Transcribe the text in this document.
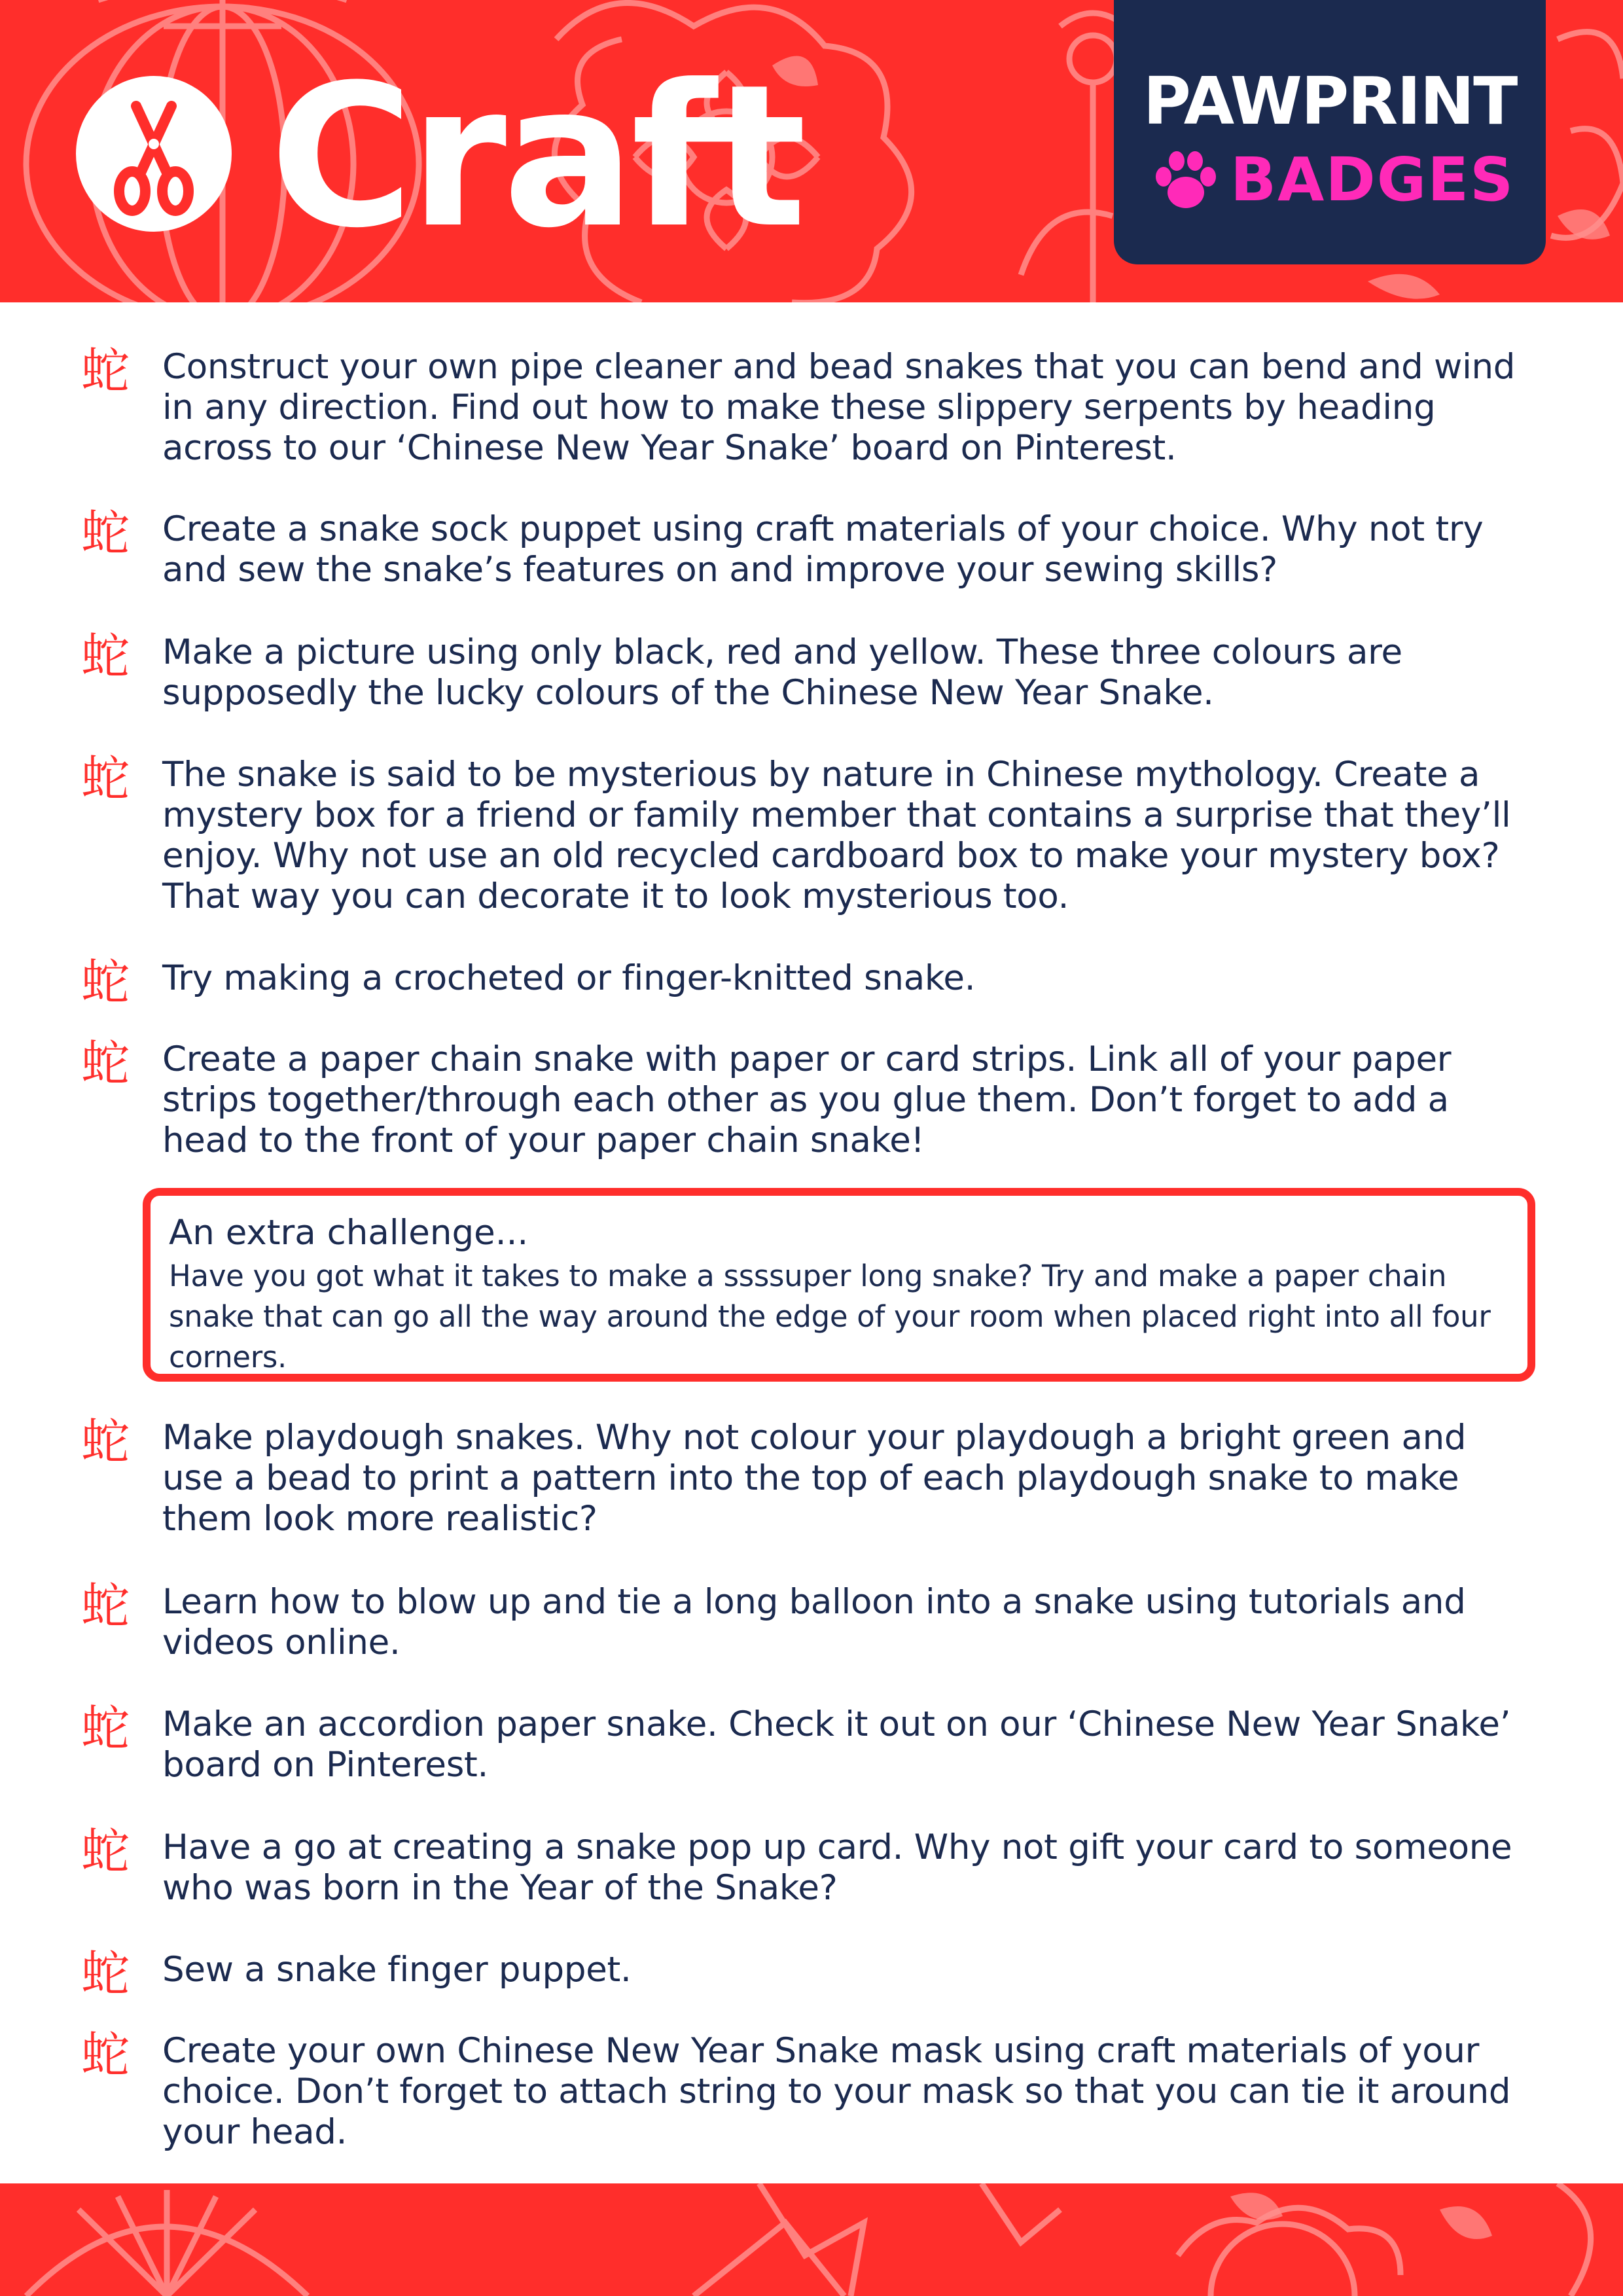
Craft	PAWPRINT
BADGES
蛇 Construct your own pipe cleaner and bead snakes that you can bend and wind in any direction. Find out how to make these slippery serpents by heading across to our ‘Chinese New Year Snake’ board on Pinterest.
蛇 Create a snake sock puppet using craft materials of your choice. Why not try and sew the snake’s features on and improve your sewing skills?
蛇 Make a picture using only black, red and yellow. These three colours are supposedly the lucky colours of the Chinese New Year Snake.
蛇 The snake is said to be mysterious by nature in Chinese mythology. Create a mystery box for a friend or family member that contains a surprise that they’ll enjoy. Why not use an old recycled cardboard box to make your mystery box? That way you can decorate it to look mysterious too.
蛇 Try making a crocheted or finger-knitted snake.
蛇 Create a paper chain snake with paper or card strips. Link all of your paper strips together/through each other as you glue them. Don’t forget to add a head to the front of your paper chain snake!
An extra challenge...
Have you got what it takes to make a ssssuper long snake? Try and make a paper chain snake that can go all the way around the edge of your room when placed right into all four corners.
蛇 Make playdough snakes. Why not colour your playdough a bright green and use a bead to print a pattern into the top of each playdough snake to make them look more realistic?
蛇 Learn how to blow up and tie a long balloon into a snake using tutorials and videos online.
蛇 Make an accordion paper snake. Check it out on our ‘Chinese New Year Snake’ board on Pinterest.
蛇 Have a go at creating a snake pop up card. Why not gift your card to someone who was born in the Year of the Snake?
蛇 Sew a snake finger puppet.
蛇 Create your own Chinese New Year Snake mask using craft materials of your choice. Don’t forget to attach string to your mask so that you can tie it around your head.
